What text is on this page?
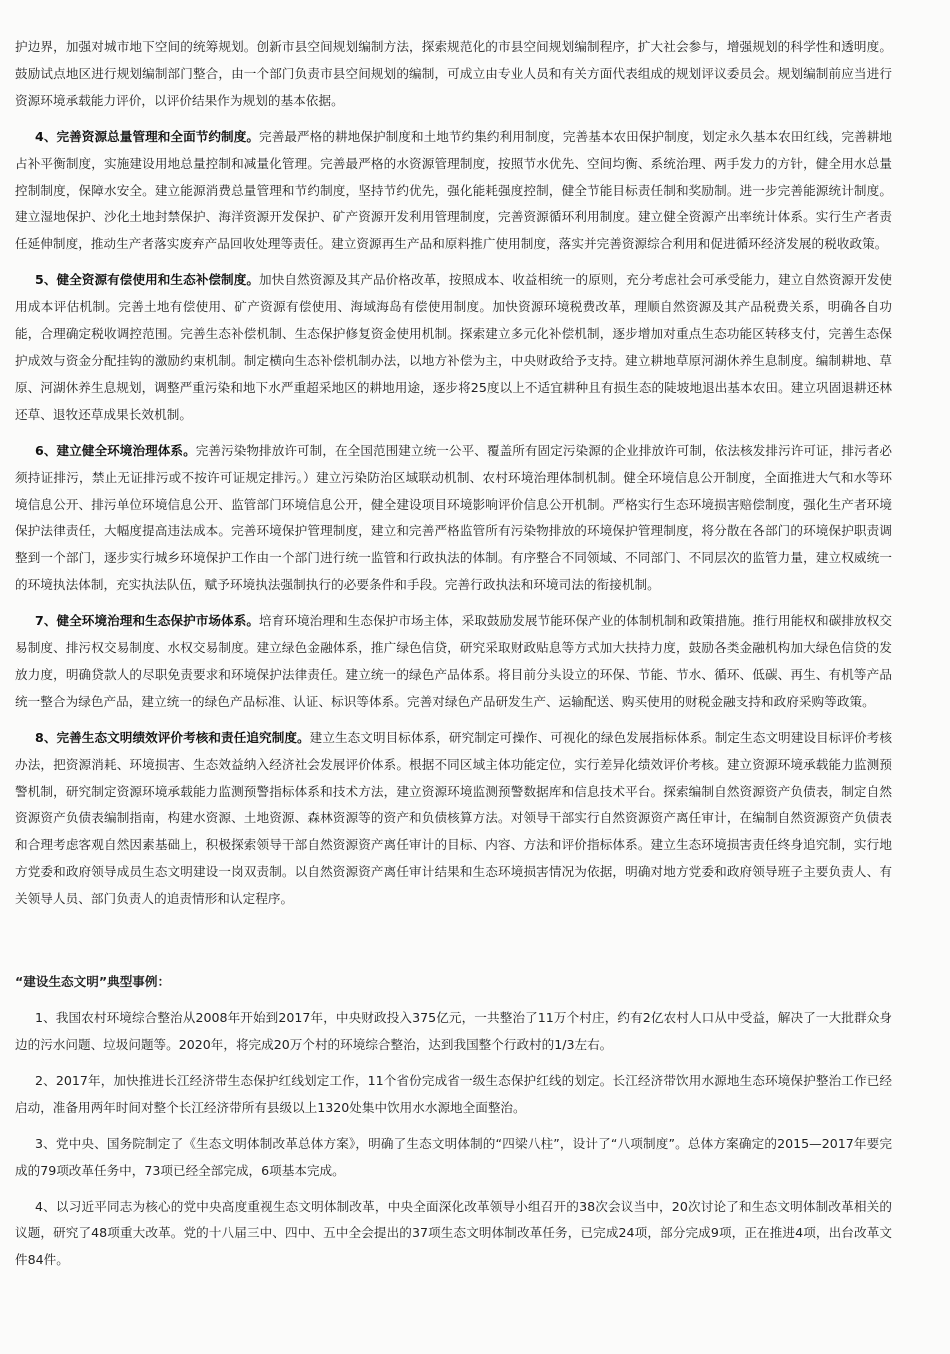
护边界，加强对城市地下空间的统筹规划。创新市县空间规划编制方法，探索规范化的市县空间规划编制程序，扩大社会参与，增强规划的科学性和透明度。鼓励试点地区进行规划编制部门整合，由一个部门负责市县空间规划的编制，可成立由专业人员和有关方面代表组成的规划评议委员会。规划编制前应当进行资源环境承载能力评价，以评价结果作为规划的基本依据。

4、完善资源总量管理和全面节约制度。完善最严格的耕地保护制度和土地节约集约利用制度，完善基本农田保护制度，划定永久基本农田红线，完善耕地占补平衡制度，实施建设用地总量控制和减量化管理。完善最严格的水资源管理制度，按照节水优先、空间均衡、系统治理、两手发力的方针，健全用水总量控制制度，保障水安全。建立能源消费总量管理和节约制度，坚持节约优先，强化能耗强度控制，健全节能目标责任制和奖励制。进一步完善能源统计制度。建立湿地保护、沙化土地封禁保护、海洋资源开发保护、矿产资源开发利用管理制度，完善资源循环利用制度。建立健全资源产出率统计体系。实行生产者责任延伸制度，推动生产者落实废弃产品回收处理等责任。建立资源再生产品和原料推广使用制度，落实并完善资源综合利用和促进循环经济发展的税收政策。

5、健全资源有偿使用和生态补偿制度。加快自然资源及其产品价格改革，按照成本、收益相统一的原则，充分考虑社会可承受能力，建立自然资源开发使用成本评估机制。完善土地有偿使用、矿产资源有偿使用、海域海岛有偿使用制度。加快资源环境税费改革，理顺自然资源及其产品税费关系，明确各自功能，合理确定税收调控范围。完善生态补偿机制、生态保护修复资金使用机制。探索建立多元化补偿机制，逐步增加对重点生态功能区转移支付，完善生态保护成效与资金分配挂钩的激励约束机制。制定横向生态补偿机制办法，以地方补偿为主，中央财政给予支持。建立耕地草原河湖休养生息制度。编制耕地、草原、河湖休养生息规划，调整严重污染和地下水严重超采地区的耕地用途，逐步将25度以上不适宜耕种且有损生态的陡坡地退出基本农田。建立巩固退耕还林还草、退牧还草成果长效机制。

6、建立健全环境治理体系。完善污染物排放许可制，在全国范围建立统一公平、覆盖所有固定污染源的企业排放许可制，依法核发排污许可证，排污者必须持证排污，禁止无证排污或不按许可证规定排污。）建立污染防治区域联动机制、农村环境治理体制机制。健全环境信息公开制度，全面推进大气和水等环境信息公开、排污单位环境信息公开、监管部门环境信息公开，健全建设项目环境影响评价信息公开机制。严格实行生态环境损害赔偿制度，强化生产者环境保护法律责任，大幅度提高违法成本。完善环境保护管理制度，建立和完善严格监管所有污染物排放的环境保护管理制度，将分散在各部门的环境保护职责调整到一个部门，逐步实行城乡环境保护工作由一个部门进行统一监管和行政执法的体制。有序整合不同领域、不同部门、不同层次的监管力量，建立权威统一的环境执法体制，充实执法队伍，赋予环境执法强制执行的必要条件和手段。完善行政执法和环境司法的衔接机制。

7、健全环境治理和生态保护市场体系。培育环境治理和生态保护市场主体，采取鼓励发展节能环保产业的体制机制和政策措施。推行用能权和碳排放权交易制度、排污权交易制度、水权交易制度。建立绿色金融体系，推广绿色信贷，研究采取财政贴息等方式加大扶持力度，鼓励各类金融机构加大绿色信贷的发放力度，明确贷款人的尽职免责要求和环境保护法律责任。建立统一的绿色产品体系。将目前分头设立的环保、节能、节水、循环、低碳、再生、有机等产品统一整合为绿色产品，建立统一的绿色产品标准、认证、标识等体系。完善对绿色产品研发生产、运输配送、购买使用的财税金融支持和政府采购等政策。

8、完善生态文明绩效评价考核和责任追究制度。建立生态文明目标体系，研究制定可操作、可视化的绿色发展指标体系。制定生态文明建设目标评价考核办法，把资源消耗、环境损害、生态效益纳入经济社会发展评价体系。根据不同区域主体功能定位，实行差异化绩效评价考核。建立资源环境承载能力监测预警机制，研究制定资源环境承载能力监测预警指标体系和技术方法，建立资源环境监测预警数据库和信息技术平台。探索编制自然资源资产负债表，制定自然资源资产负债表编制指南，构建水资源、土地资源、森林资源等的资产和负债核算方法。对领导干部实行自然资源资产离任审计，在编制自然资源资产负债表和合理考虑客观自然因素基础上，积极探索领导干部自然资源资产离任审计的目标、内容、方法和评价指标体系。建立生态环境损害责任终身追究制，实行地方党委和政府领导成员生态文明建设一岗双责制。以自然资源资产离任审计结果和生态环境损害情况为依据，明确对地方党委和政府领导班子主要负责人、有关领导人员、部门负责人的追责情形和认定程序。

“建设生态文明”典型事例：

1、我国农村环境综合整治从2008年开始到2017年，中央财政投入375亿元，一共整治了11万个村庄，约有2亿农村人口从中受益，解决了一大批群众身边的污水问题、垃圾问题等。2020年，将完成20万个村的环境综合整治，达到我国整个行政村的1/3左右。

2、2017年，加快推进长江经济带生态保护红线划定工作，11个省份完成省一级生态保护红线的划定。长江经济带饮用水源地生态环境保护整治工作已经启动，准备用两年时间对整个长江经济带所有县级以上1320处集中饮用水水源地全面整治。

3、党中央、国务院制定了《生态文明体制改革总体方案》，明确了生态文明体制的“四梁八柱”，设计了“八项制度”。总体方案确定的2015—2017年要完成的79项改革任务中，73项已经全部完成，6项基本完成。

4、以习近平同志为核心的党中央高度重视生态文明体制改革，中央全面深化改革领导小组召开的38次会议当中，20次讨论了和生态文明体制改革相关的议题，研究了48项重大改革。党的十八届三中、四中、五中全会提出的37项生态文明体制改革任务，已完成24项，部分完成9项，正在推进4项，出台改革文件84件。
